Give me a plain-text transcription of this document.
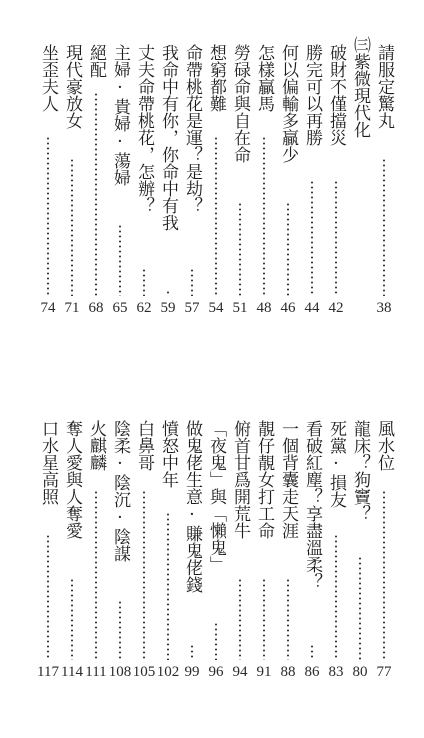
請服定驚丸
38
㈢紫微現代化
破財不僅擋災
42
勝完可以再勝
44
何以偏輸多贏少
46
怎樣贏馬
48
勞碌命與自在命
51
想窮都難
54
命帶桃花是運？是劫？
57
我命中有你，你命中有我
59
丈夫命帶桃花，怎辦？
62
主婦·貴婦·蕩婦
65
絕配
68
現代豪放女
71
坐歪夫人
74
風水位
77
龍床？狗竇？
80
死黨·損友
83
看破紅塵？享盡溫柔？
86
一個背囊走天涯
88
靚仔靚女打工命
91
俯首甘爲開荒牛
94
「夜鬼」與「懶鬼」
96
做鬼佬生意·賺鬼佬錢
99
憤怒中年
102
白鼻哥
105
陰柔·陰沉·陰謀
108
火麒麟
111
奪人愛與人奪愛
114
口水星高照
117
